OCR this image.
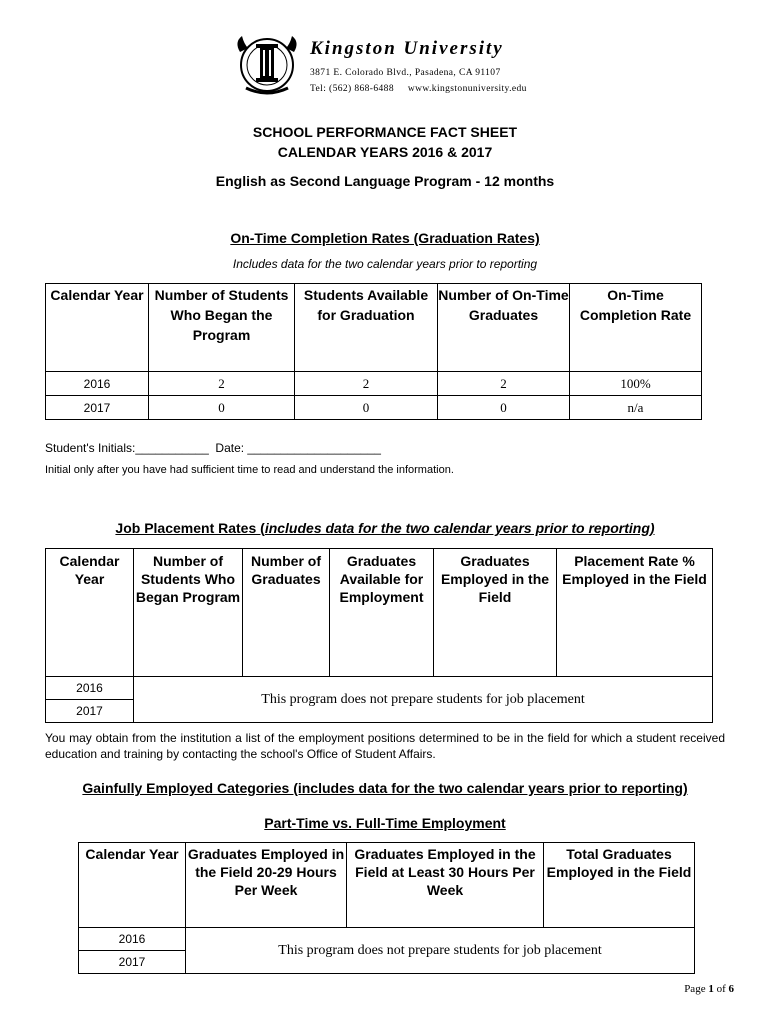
Kingston University
3871 E. Colorado Blvd., Pasadena, CA 91107
Tel: (562) 868-6488     www.kingstonuniversity.edu
SCHOOL PERFORMANCE FACT SHEET
CALENDAR YEARS 2016 & 2017
English as Second Language Program - 12 months
On-Time Completion Rates (Graduation Rates)
Includes data for the two calendar years prior to reporting
Calendar Year	Number of Students Who Began the Program	Students Available for Graduation	Number of On-Time Graduates	On-Time Completion Rate
2016	2	2	2	100%
2017	0	0	0	n/a
Student's Initials:___________  Date: ____________________
Initial only after you have had sufficient time to read and understand the information.
Job Placement Rates (includes data for the two calendar years prior to reporting)
Calendar Year	Number of Students Who Began Program	Number of Graduates	Graduates Available for Employment	Graduates Employed in the Field	Placement Rate % Employed in the Field
2016	This program does not prepare students for job placement				
2017					
You may obtain from the institution a list of the employment positions determined to be in the field for which a student received education and training by contacting the school's Office of Student Affairs.
Gainfully Employed Categories (includes data for the two calendar years prior to reporting)
Part-Time vs. Full-Time Employment
Calendar Year	Graduates Employed in the Field 20-29 Hours Per Week	Graduates Employed in the Field at Least 30 Hours Per Week	Total Graduates Employed in the Field
2016	This program does not prepare students for job placement		
2017			
Page 1 of 6
